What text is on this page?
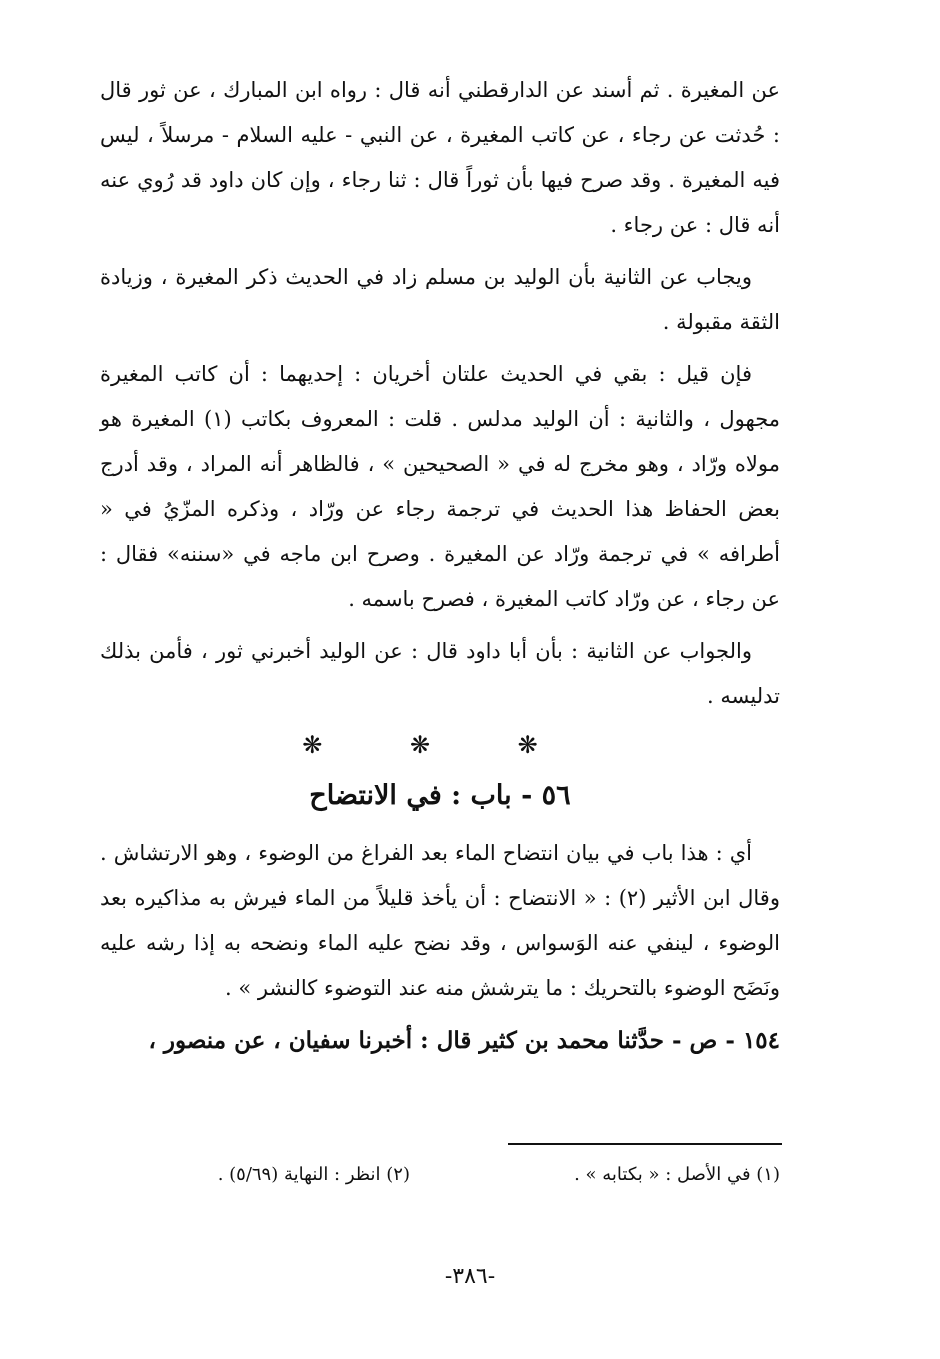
عن المغيرة . ثم أسند عن الدارقطني أنه قال : رواه ابن المبارك ، عن ثور قال : حُدثت عن رجاء ، عن كاتب المغيرة ، عن النبي - عليه السلام - مرسلاً ، ليس فيه المغيرة . وقد صرح فيها بأن ثوراً قال : ثنا رجاء ، وإن كان داود قد رُوي عنه أنه قال : عن رجاء .

ويجاب عن الثانية بأن الوليد بن مسلم زاد في الحديث ذكر المغيرة ، وزيادة الثقة مقبولة .

فإن قيل : بقي في الحديث علتان أخريان : إحديهما : أن كاتب المغيرة مجهول ، والثانية : أن الوليد مدلس . قلت : المعروف بكاتب (١) المغيرة هو مولاه ورّاد ، وهو مخرج له في « الصحيحين » ، فالظاهر أنه المراد ، وقد أدرج بعض الحفاظ هذا الحديث في ترجمة رجاء عن ورّاد ، وذكره المزّيُ في « أطرافه » في ترجمة ورّاد عن المغيرة . وصرح ابن ماجه في «سننه» فقال : عن رجاء ، عن ورّاد كاتب المغيرة ، فصرح باسمه .

والجواب عن الثانية : بأن أبا داود قال : عن الوليد أخبرني ثور ، فأمن بذلك تدليسه .

❋ ❋ ❋
٥٦ - باب : في الانتضاح

أي : هذا باب في بيان انتضاح الماء بعد الفراغ من الوضوء ، وهو الارتشاش . وقال ابن الأثير (٢) : « الانتضاح : أن يأخذ قليلاً من الماء فيرش به مذاكيره بعد الوضوء ، لينفي عنه الوَسواس ، وقد نضح عليه الماء ونضحه به إذا رشه عليه ونَضَح الوضوء بالتحريك : ما يترشش منه عند التوضوء كالنشر » .

١٥٤ - ص - حدَّثنا محمد بن كثير قال : أخبرنا سفيان ، عن منصور ،

(١) في الأصل : « بكتابه » .
(٢) انظر : النهاية (٥/٦٩) .
-٣٨٦-
